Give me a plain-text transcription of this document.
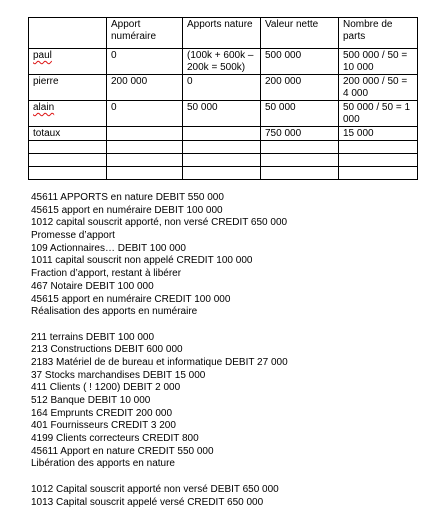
	Apport numéraire	Apports nature	Valeur nette	Nombre de parts
paul	0	(100k + 600k – 200k = 500k)	500 000	500 000 / 50 = 10 000
pierre	200 000	0	200 000	200 000 / 50 = 4 000
alain	0	50 000	50 000	50 000 / 50 = 1 000
totaux			750 000	15 000

45611 APPORTS en nature DEBIT 550 000
45615 apport en numéraire DEBIT 100 000
1012 capital souscrit apporté, non versé CREDIT 650 000
Promesse d’apport
109 Actionnaires… DEBIT 100 000
1011 capital souscrit non appelé CREDIT 100 000
Fraction d’apport, restant à libérer
467 Notaire DEBIT 100 000
45615 apport en numéraire CREDIT 100 000
Réalisation des apports en numéraire
211 terrains DEBIT 100 000
213 Constructions DEBIT 600 000
2183 Matériel de de bureau et informatique DEBIT 27 000
37 Stocks marchandises DEBIT 15 000
411 Clients ( ! 1200) DEBIT 2 000
512 Banque DEBIT 10 000
164 Emprunts CREDIT 200 000
401 Fournisseurs CREDIT 3 200
4199 Clients correcteurs CREDIT 800
45611 Apport en nature CREDIT 550 000
Libération des apports en nature
1012 Capital souscrit apporté non versé DEBIT 650 000
1013 Capital souscrit appelé versé CREDIT 650 000
